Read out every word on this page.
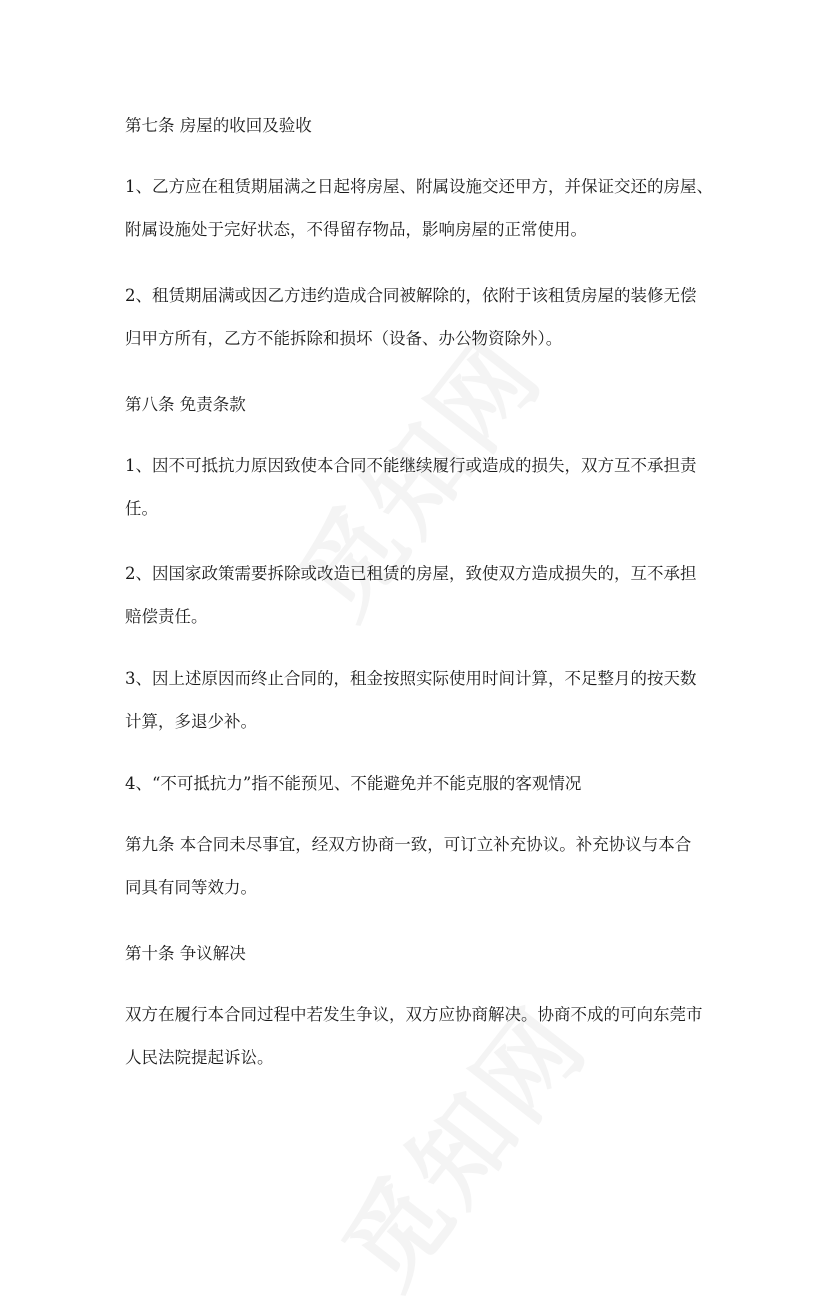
第七条 房屋的收回及验收
1、乙方应在租赁期届满之日起将房屋、附属设施交还甲方，并保证交还的房屋、
附属设施处于完好状态，不得留存物品，影响房屋的正常使用。
2、租赁期届满或因乙方违约造成合同被解除的，依附于该租赁房屋的装修无偿
归甲方所有，乙方不能拆除和损坏（设备、办公物资除外）。
第八条 免责条款
1、因不可抵抗力原因致使本合同不能继续履行或造成的损失，双方互不承担责
任。
2、因国家政策需要拆除或改造已租赁的房屋，致使双方造成损失的，互不承担
赔偿责任。
3、因上述原因而终止合同的，租金按照实际使用时间计算，不足整月的按天数
计算，多退少补。
4、“不可抵抗力”指不能预见、不能避免并不能克服的客观情况
第九条 本合同未尽事宜，经双方协商一致，可订立补充协议。补充协议与本合
同具有同等效力。
第十条 争议解决
双方在履行本合同过程中若发生争议，双方应协商解决。协商不成的可向东莞市
人民法院提起诉讼。
